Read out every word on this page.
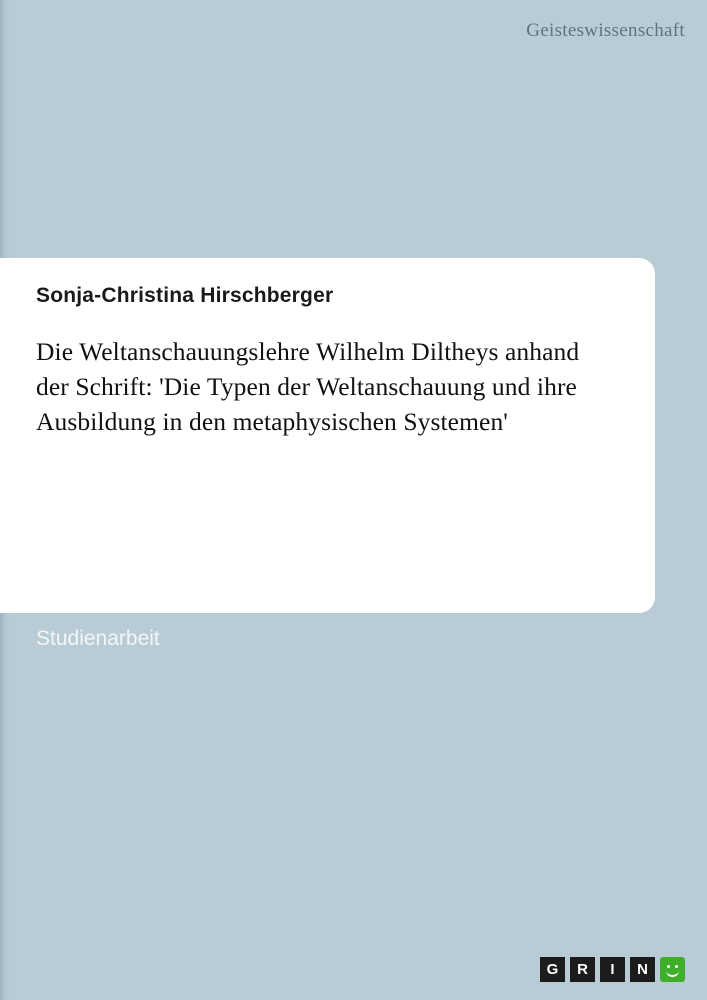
Geisteswissenschaft
Sonja-Christina Hirschberger
Die Weltanschauungslehre Wilhelm Diltheys anhand der Schrift: 'Die Typen der Weltanschauung und ihre Ausbildung in den metaphysischen Systemen'
Studienarbeit
G	R	I	N
